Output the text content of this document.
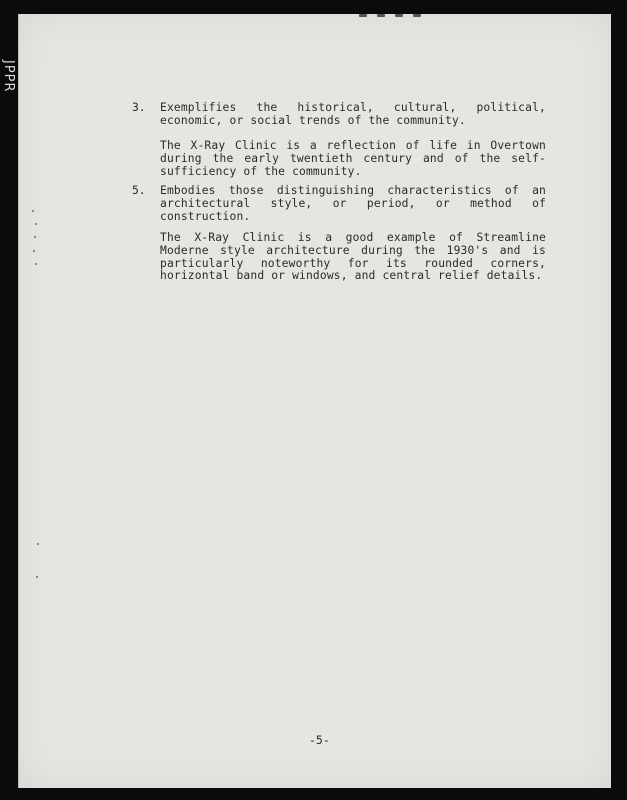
JPPR
3. Exemplifies the historical, cultural, political, economic, or social trends of the community.
The X-Ray Clinic is a reflection of life in Overtown during the early twentieth century and of the self-sufficiency of the community.
5. Embodies those distinguishing characteristics of an architectural style, or period, or method of construction.
The X-Ray Clinic is a good example of Streamline Moderne style architecture during the 1930's and is particularly noteworthy for its rounded corners, horizontal band or windows, and central relief details.
-5-
